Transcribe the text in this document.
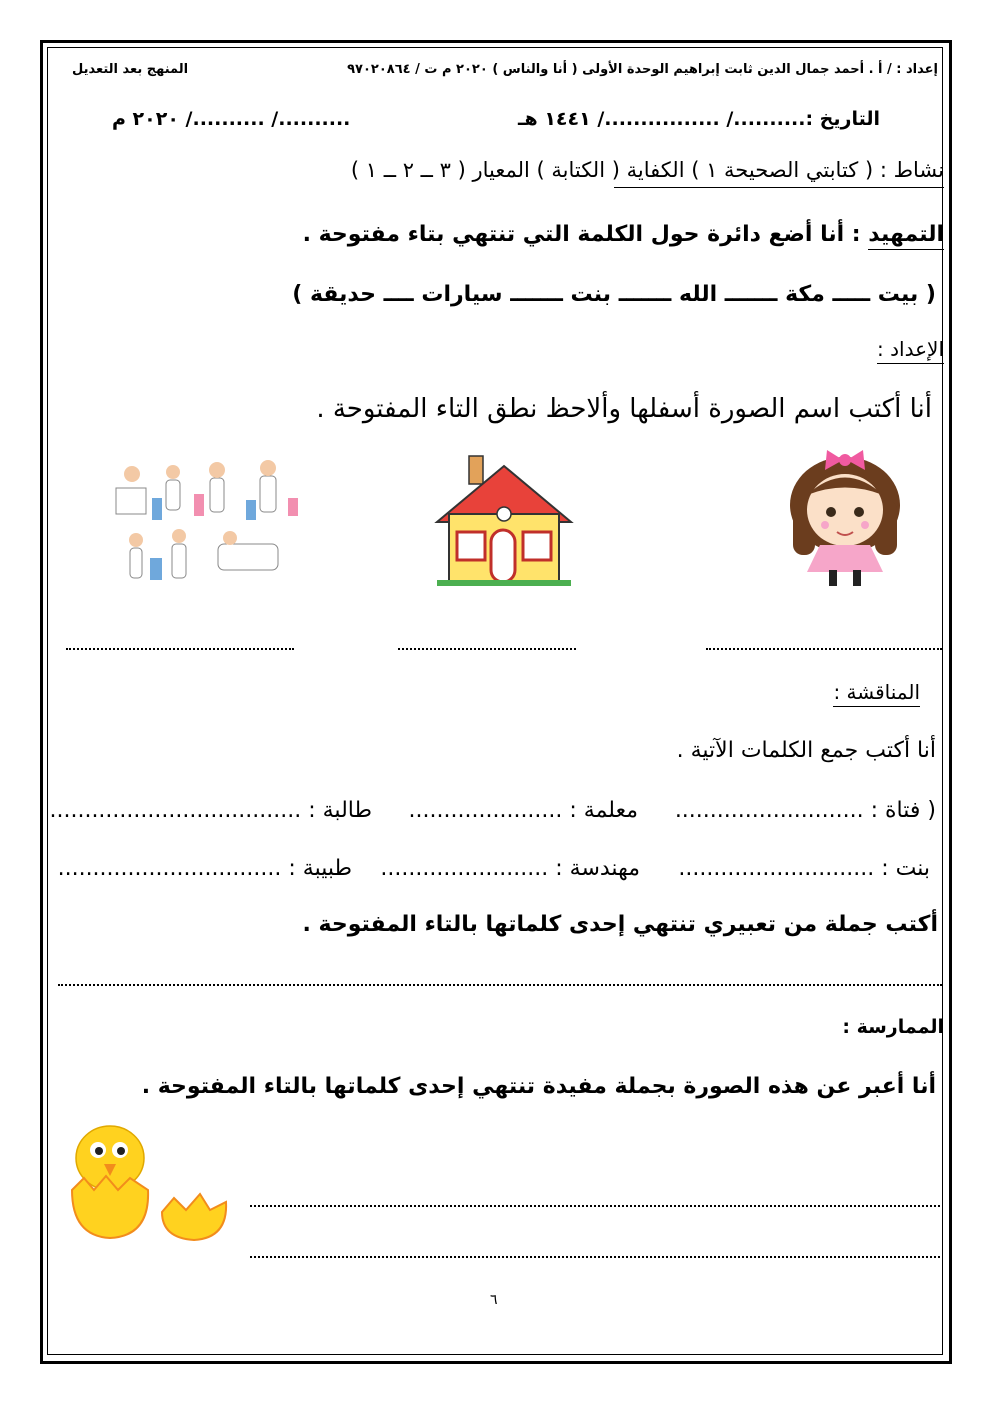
إعداد : / أ . أحمد جمال الدين ثابت إبراهيم الوحدة الأولى ( أنا والناس ) ٢٠٢٠ م ت / ٩٧٠٢٠٨٦٤
المنهج بعد التعديل
التاريخ :........../ ................/ ١٤٤١ هـ
........../ ........../ ٢٠٢٠ م
نشاط : ( كتابتي الصحيحة ١ ) الكفاية ( الكتابة ) المعيار ( ٣ ــ ٢ ــ ١ )
التمهيد : أنا أضع دائرة حول الكلمة التي تنتهي بتاء مفتوحة .
( بيت ـــــ مكة ـــــــ الله ـــــــ بنت ـــــــ سيارات ــــ حديقة )
الإعداد :
أنا أكتب اسم الصورة أسفلها وألاحظ نطق التاء المفتوحة .
المناقشة :
أنا أكتب جمع الكلمات الآتية .
( فتاة : ...........................
معلمة : ......................
طالبة : ....................................
بنت : ............................
مهندسة : ........................
طبيبة : ................................
أكتب جملة من تعبيري تنتهي إحدى كلماتها بالتاء المفتوحة .
الممارسة :
أنا أعبر عن هذه الصورة بجملة مفيدة تنتهي إحدى كلماتها بالتاء المفتوحة .
٦
